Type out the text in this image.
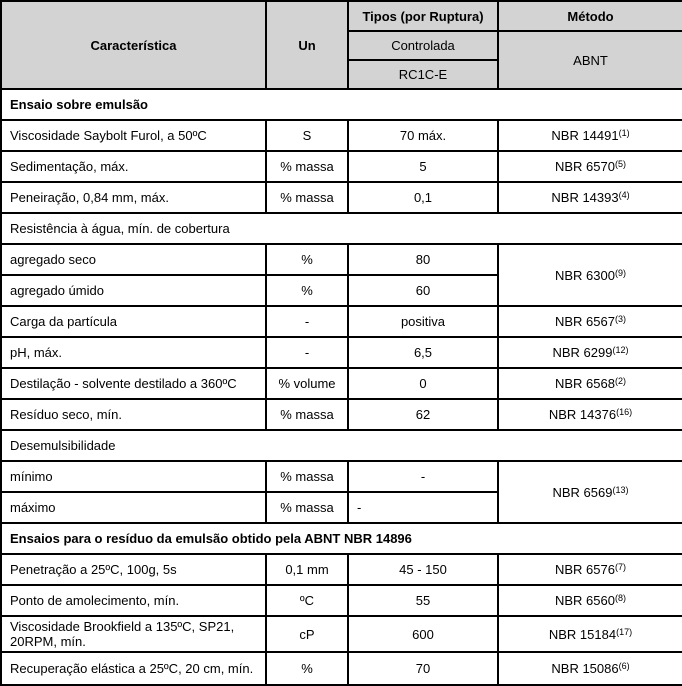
Característica	Un	Tipos (por Ruptura)	Método
		Controlada	ABNT
		RC1C-E	
Ensaio sobre emulsão			
Viscosidade Saybolt Furol, a 50ºC	S	70 máx.	NBR 14491$^{(1)}$
Sedimentação, máx.	% massa	5	NBR 6570$^{(5)}$
Peneiração, 0,84 mm, máx.	% massa	0,1	NBR 14393$^{(4)}$
Resistência à água, mín. de cobertura			
agregado seco	%	80	NBR 6300$^{(9)}$
agregado úmido	%	60	
Carga da partícula	-	positiva	NBR 6567$^{(3)}$
pH, máx.	-	6,5	NBR 6299$^{(12)}$
Destilação - solvente destilado a 360ºC	% volume	0	NBR 6568$^{(2)}$
Resíduo seco, mín.	% massa	62	NBR 14376$^{(16)}$
Desemulsibilidade			
mínimo	% massa	-	NBR 6569$^{(13)}$
máximo	% massa	-	
Ensaios para o resíduo da emulsão obtido pela ABNT NBR 14896			
Penetração a 25ºC, 100g, 5s	0,1 mm	45 - 150	NBR 6576$^{(7)}$
Ponto de amolecimento, mín.	ºC	55	NBR 6560$^{(8)}$
Viscosidade Brookfield a 135ºC, SP21, 20RPM, mín.	cP	600	NBR 15184$^{(17)}$
Recuperação elástica a 25ºC, 20 cm, mín.	%	70	NBR 15086$^{(6)}$
